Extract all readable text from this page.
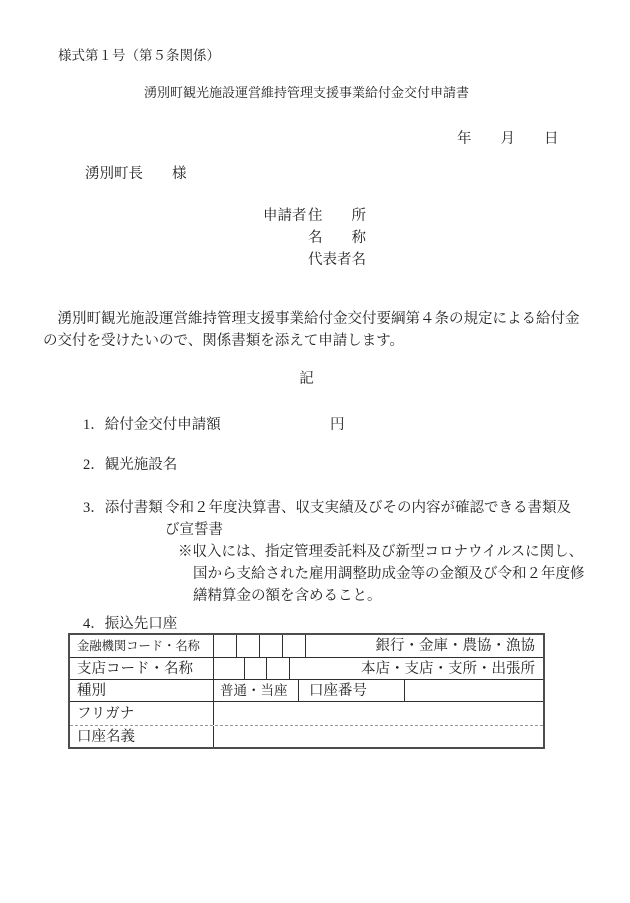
様式第１号（第５条関係）
湧別町観光施設運営維持管理支援事業給付金交付申請書
年　　月　　日
湧別町長　　様
申請者 住　　所
名　　称
代表者名
　湧別町観光施設運営維持管理支援事業給付金交付要綱第４条の規定による給付金
の交付を受けたいので、関係書類を添えて申請します。
記
1．給付金交付申請額	円
2．観光施設名
3．添付書類 令和２年度決算書、収支実績及びその内容が確認できる書類及
び宣誓書
※収入には、指定管理委託料及び新型コロナウイルスに関し、
国から支給された雇用調整助成金等の金額及び令和２年度修
繕精算金の額を含めること。
4．振込先口座
金融機関コード・名称	銀行・金庫・農協・漁協
支店コード・名称	本店・支店・支所・出張所
種別	普通・当座	口座番号
フリガナ
口座名義
